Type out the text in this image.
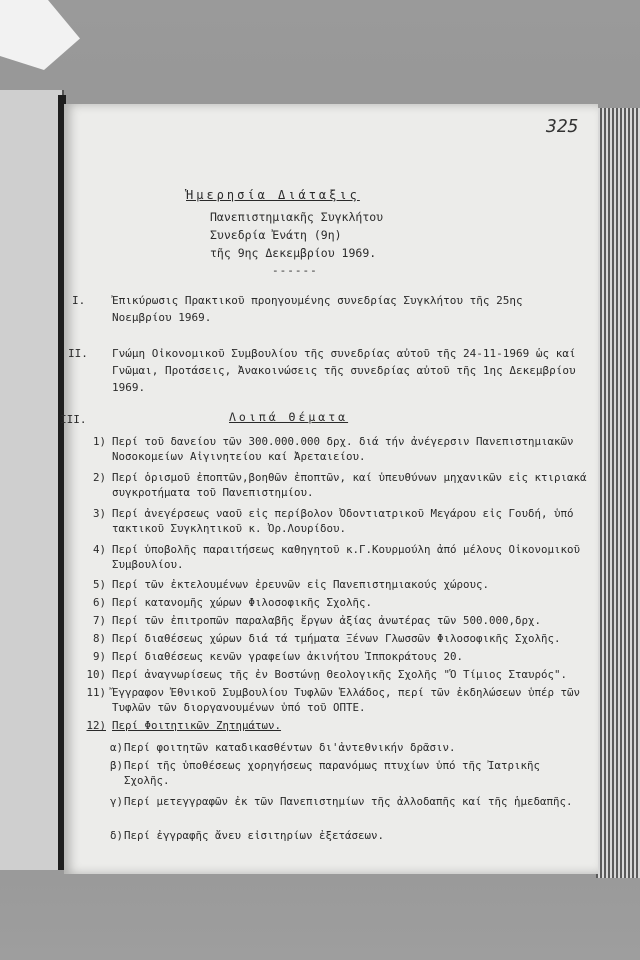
325
Ἡμερησία Διάταξις
Πανεπιστημιακῆς Συγκλήτου
Συνεδρία Ἐνάτη (9η)
τῆς 9ης Δεκεμβρίου 1969.
------
I. Ἐπικύρωσις Πρακτικοῦ προηγουμένης συνεδρίας Συγκλήτου τῆς 25ης Νοεμβρίου 1969.
II. Γνώμη Οἰκονομικοῦ Συμβουλίου τῆς συνεδρίας αὐτοῦ τῆς 24-11-1969 ὡς καί Γνῶμαι, Προτάσεις, Ἀνακοινώσεις τῆς συνεδρίας αὐτοῦ τῆς 1ης Δεκεμβρίου 1969.
III.	Λοιπά Θέματα
1) Περί τοῦ δανείου τῶν 300.000.000 δρχ. διά τήν ἀνέγερσιν Πανεπιστημιακῶν Νοσοκομείων Αἰγινητείου καί Ἀρεταιείου.
2) Περί ὁρισμοῦ ἐποπτῶν,βοηθῶν ἐποπτῶν, καί ὑπευθύνων μηχανικῶν εἰς κτιριακά συγκροτήματα τοῦ Πανεπιστημίου.
3) Περί ἀνεγέρσεως ναοῦ εἰς περίβολον Ὀδοντιατρικοῦ Μεγάρου εἰς Γουδή, ὑπό τακτικοῦ Συγκλητικοῦ κ. Ὀρ.Λουρίδου.
4) Περί ὑποβολῆς παραιτήσεως καθηγητοῦ κ.Γ.Κουρμούλη ἀπό μέλους Οἰκονομικοῦ Συμβουλίου.
5) Περί τῶν ἐκτελουμένων ἐρευνῶν εἰς Πανεπιστημιακούς χώρους.
6) Περί κατανομῆς χώρων Φιλοσοφικῆς Σχολῆς.
7) Περί τῶν ἐπιτροπῶν παραλαβῆς ἔργων ἀξίας ἀνωτέρας τῶν 500.000,δρχ.
8) Περί διαθέσεως χώρων διά τά τμήματα Ξένων Γλωσσῶν Φιλοσοφικῆς Σχολῆς.
9) Περί διαθέσεως κενῶν γραφείων ἀκινήτου Ἱπποκράτους 20.
10) Περί ἀναγνωρίσεως τῆς ἐν Βοστώνῃ Θεολογικῆς Σχολῆς "Ὁ Τίμιος Σταυρός".
11) Ἔγγραφον Ἐθνικοῦ Συμβουλίου Τυφλῶν Ἑλλάδος, περί τῶν ἐκδηλώσεων ὑπέρ τῶν Τυφλῶν τῶν διοργανουμένων ὑπό τοῦ ΟΠΤΕ.
12) Περί Φοιτητικῶν Ζητημάτων.
α) Περί φοιτητῶν καταδικασθέντων δι'ἀντεθνικήν δρᾶσιν.
β) Περί τῆς ὑποθέσεως χορηγήσεως παρανόμως πτυχίων ὑπό τῆς Ἰατρικῆς Σχολῆς.
γ) Περί μετεγγραφῶν ἐκ τῶν Πανεπιστημίων τῆς ἀλλοδαπῆς καί τῆς ἡμεδαπῆς.
δ) Περί ἐγγραφῆς ἄνευ εἰσιτηρίων ἐξετάσεων.
